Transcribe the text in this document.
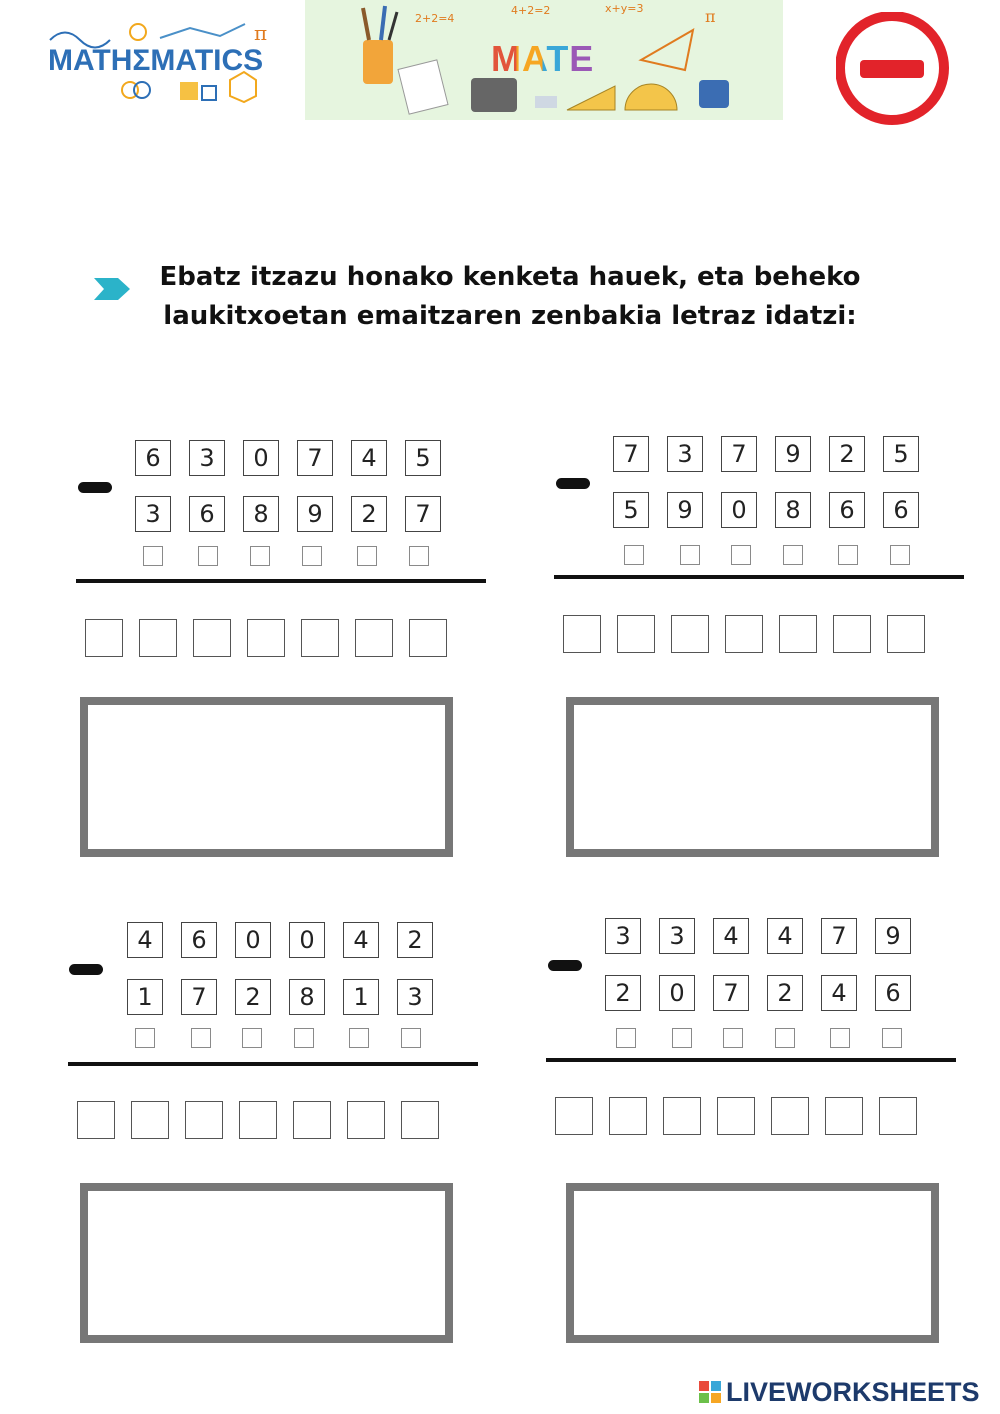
π
MATHΣMATICS
2+2=4
4+2=2	x+y=3	π
MATE
Ebatz itzazu honako kenketa hauek, eta beheko
laukitxoetan emaitzaren zenbakia letraz idatzi:
6	3	0	7	4	5
3	6	8	9	2	7
7	3	7	9	2	5
5	9	0	8	6	6
4	6	0	0	4	2
1	7	2	8	1	3
3	3	4	4	7	9
2	0	7	2	4	6
LIVEWORKSHEETS
